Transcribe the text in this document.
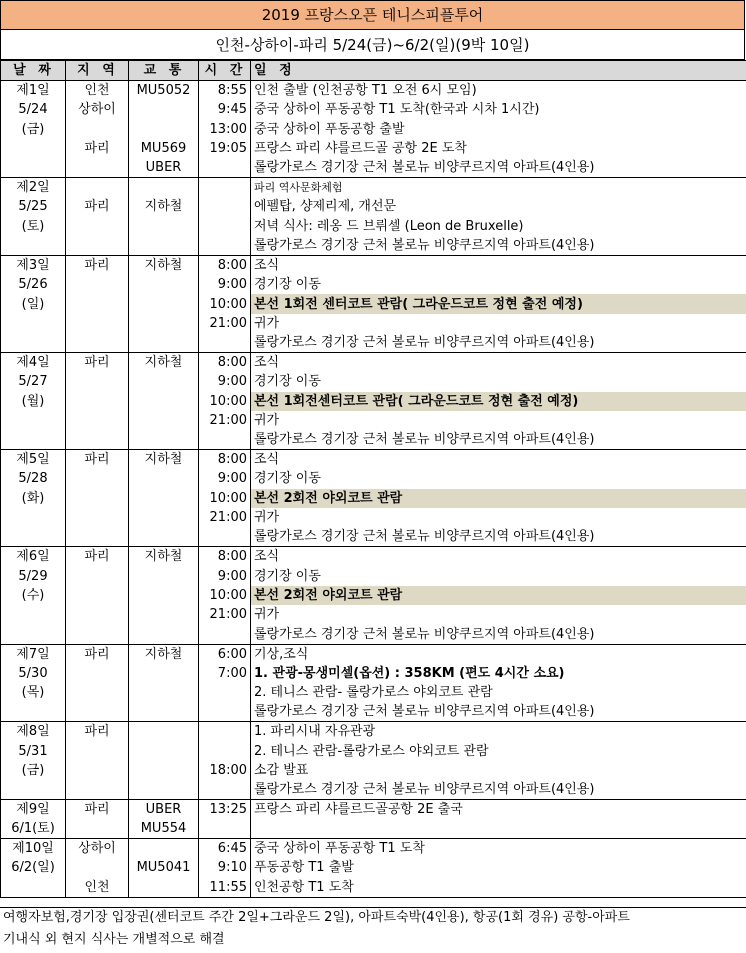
2019 프랑스오픈 테니스피플투어
인천-상하이-파리 5/24(금)~6/2(일)(9박 10일)
날 짜	지 역	교 통	시 간	일 정
제1일	인천	MU5052	8:55	인천 출발 (인천공항 T1 오전 6시 모임)
5/24	상하이		9:45	중국 상하이 푸동공항 T1 도착(한국과 시차 1시간)
(금)			13:00	중국 상하이 푸동공항 출발
	파리	MU569	19:05	프랑스 파리 샤를르드골 공항 2E 도착
		UBER		롤랑가로스 경기장 근처 볼로뉴 비양쿠르지역 아파트(4인용)
제2일				파리 역사문화체험
5/25	파리	지하철		에펠탑, 샹제리제, 개선문
(토)				저녁 식사: 레옹 드 브뤼셀 (Leon de Bruxelle)
				롤랑가로스 경기장 근처 볼로뉴 비양쿠르지역 아파트(4인용)
제3일	파리	지하철	8:00	조식
5/26			9:00	경기장 이동
(일)			10:00	본선 1회전 센터코트 관람( 그라운드코트 정현 출전 예정)
			21:00	귀가
				롤랑가로스 경기장 근처 볼로뉴 비양쿠르지역 아파트(4인용)
제4일	파리	지하철	8:00	조식
5/27			9:00	경기장 이동
(월)			10:00	본선 1회전센터코트 관람( 그라운드코트 정현 출전 예정)
			21:00	귀가
				롤랑가로스 경기장 근처 볼로뉴 비양쿠르지역 아파트(4인용)
제5일	파리	지하철	8:00	조식
5/28			9:00	경기장 이동
(화)			10:00	본선 2회전 야외코트 관람
			21:00	귀가
				롤랑가로스 경기장 근처 볼로뉴 비양쿠르지역 아파트(4인용)
제6일	파리	지하철	8:00	조식
5/29			9:00	경기장 이동
(수)			10:00	본선 2회전 야외코트 관람
			21:00	귀가
				롤랑가로스 경기장 근처 볼로뉴 비양쿠르지역 아파트(4인용)
제7일	파리	지하철	6:00	기상,조식
5/30			7:00	1. 관광-몽생미셀(옵션) : 358KM (편도 4시간 소요)
(목)				2. 테니스 관람- 롤랑가로스 야외코트 관람
				롤랑가로스 경기장 근처 볼로뉴 비양쿠르지역 아파트(4인용)
제8일	파리			1. 파리시내 자유관광
5/31				2. 테니스 관람-롤랑가로스 야외코트 관람
(금)			18:00	소감 발표
				롤랑가로스 경기장 근처 볼로뉴 비양쿠르지역 아파트(4인용)
제9일	파리	UBER	13:25	프랑스 파리 샤를르드골공항 2E 출국
6/1(토)		MU554		
제10일	상하이		6:45	중국 상하이 푸동공항 T1 도착
6/2(일)		MU5041	9:10	푸동공항 T1 출발
	인천		11:55	인천공항 T1 도착
여행자보험,경기장 입장권(센터코트 주간 2일+그라운드 2일), 아파트숙박(4인용), 항공(1회 경유) 공항-아파트
기내식 외 현지 식사는 개별적으로 해결
